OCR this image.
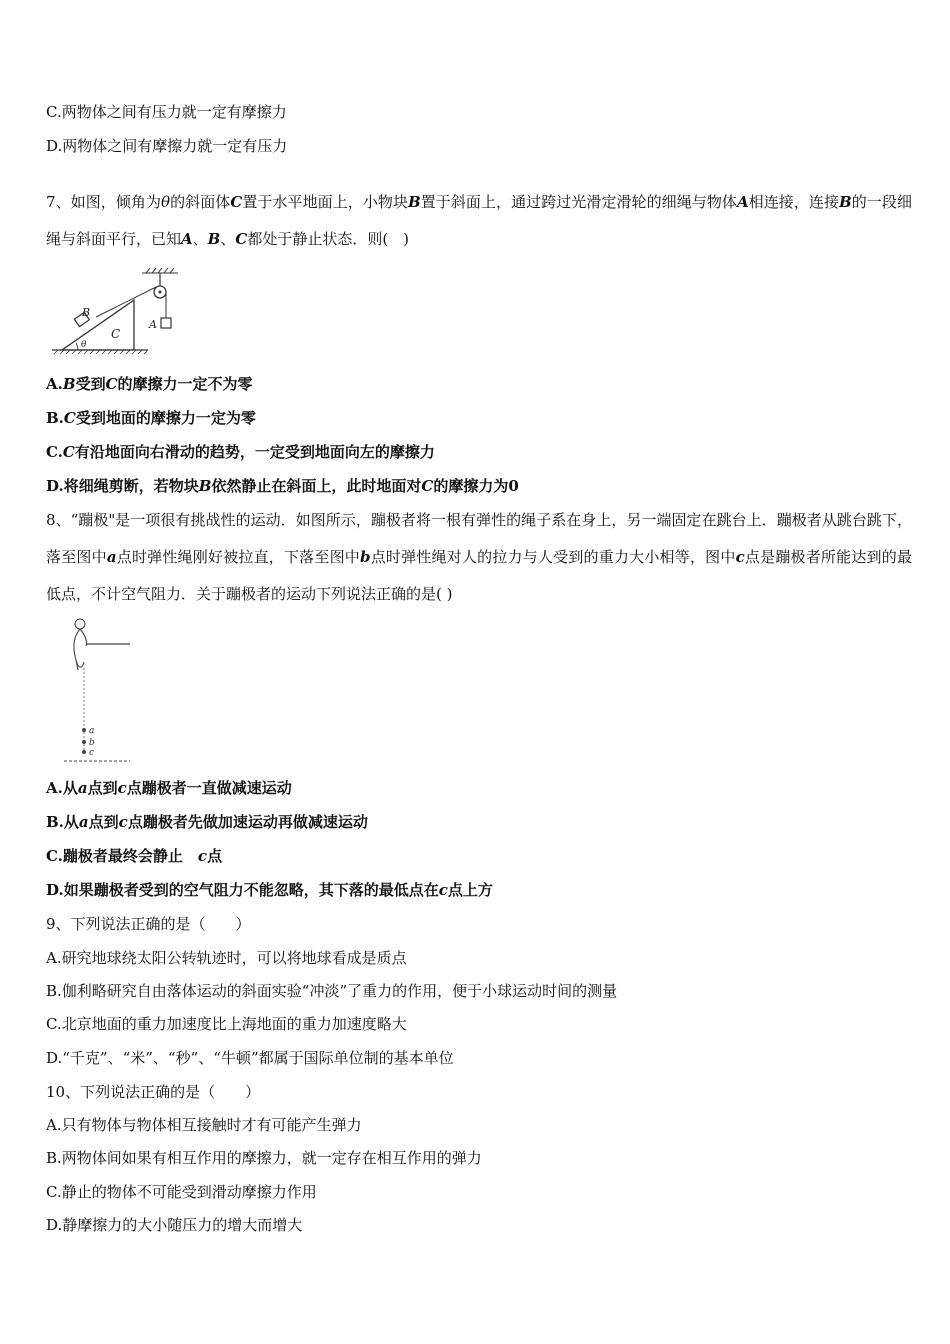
C.两物体之间有压力就一定有摩擦力
D.两物体之间有摩擦力就一定有压力
7、如图，倾角为θ的斜面体C置于水平地面上，小物块B置于斜面上，通过跨过光滑定滑轮的细绳与物体A相连接，连接B的一段细绳与斜面平行，已知A、B、C都处于静止状态．则(　)
B
C
A
θ
A.B受到C的摩擦力一定不为零
B.C受到地面的摩擦力一定为零
C.C有沿地面向右滑动的趋势，一定受到地面向左的摩擦力
D.将细绳剪断，若物块B依然静止在斜面上，此时地面对C的摩擦力为0
8、“蹦极"是一项很有挑战性的运动．如图所示，蹦极者将一根有弹性的绳子系在身上，另一端固定在跳台上．蹦极者从跳台跳下，落至图中a点时弹性绳刚好被拉直，下落至图中b点时弹性绳对人的拉力与人受到的重力大小相等，图中c点是蹦极者所能达到的最低点，不计空气阻力．关于蹦极者的运动下列说法正确的是( )
a
b
c
A.从a点到c点蹦极者一直做减速运动
B.从a点到c点蹦极者先做加速运动再做减速运动
C.蹦极者最终会静止　c点
D.如果蹦极者受到的空气阻力不能忽略，其下落的最低点在c点上方
9、下列说法正确的是（　　）
A.研究地球绕太阳公转轨迹时，可以将地球看成是质点
B.伽利略研究自由落体运动的斜面实验“冲淡”了重力的作用，便于小球运动时间的测量
C.北京地面的重力加速度比上海地面的重力加速度略大
D.“千克”、“米”、“秒”、“牛顿”都属于国际单位制的基本单位
10、下列说法正确的是（　　）
A.只有物体与物体相互接触时才有可能产生弹力
B.两物体间如果有相互作用的摩擦力，就一定存在相互作用的弹力
C.静止的物体不可能受到滑动摩擦力作用
D.静摩擦力的大小随压力的增大而增大
